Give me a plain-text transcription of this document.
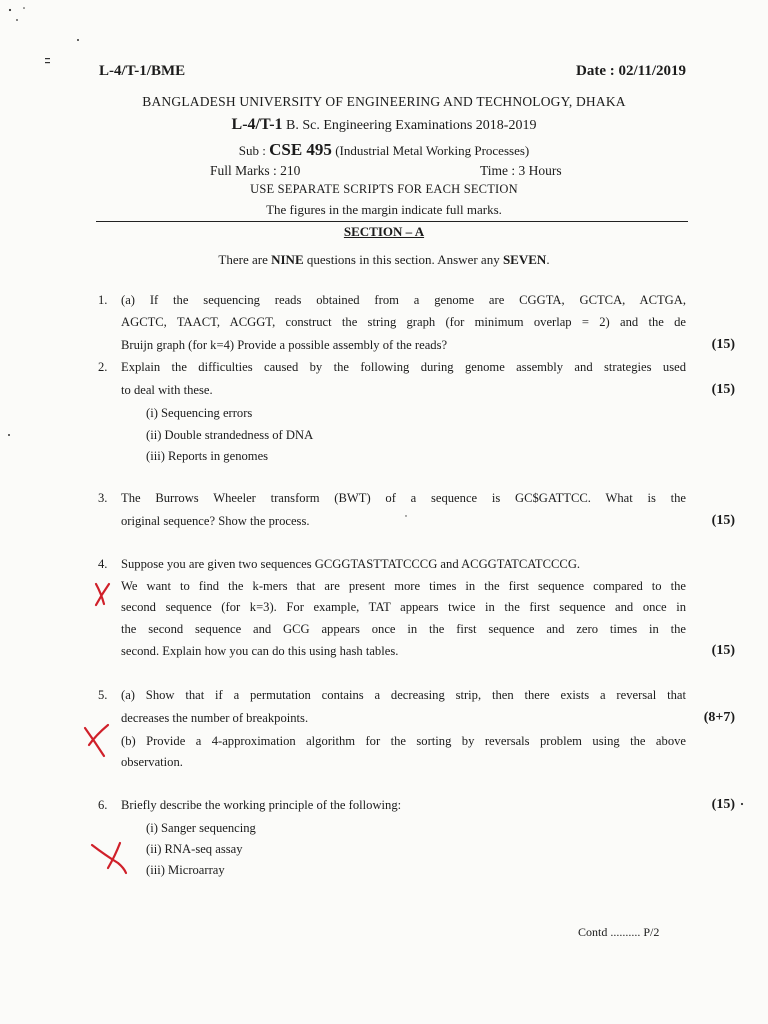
L-4/T-1/BME	Date : 02/11/2019
BANGLADESH UNIVERSITY OF ENGINEERING AND TECHNOLOGY, DHAKA
L-4/T-1 B. Sc. Engineering Examinations 2018-2019
Sub : CSE 495 (Industrial Metal Working Processes)
Full Marks : 210	Time : 3 Hours
USE SEPARATE SCRIPTS FOR EACH SECTION
The figures in the margin indicate full marks.
SECTION – A
There are NINE questions in this section. Answer any SEVEN.
1. (a) If the sequencing reads obtained from a genome are CGGTA, GCTCA, ACTGA,
AGCTC, TAACT, ACGGT, construct the string graph (for minimum overlap = 2) and the de
Bruijn graph (for k=4) Provide a possible assembly of the reads?	(15)
2. Explain the difficulties caused by the following during genome assembly and strategies used
to deal with these.	(15)
(i) Sequencing errors
(ii) Double strandedness of DNA
(iii) Reports in genomes
3. The Burrows Wheeler transform (BWT) of a sequence is GC$GATTCC. What is the
original sequence? Show the process.	(15)
4. Suppose you are given two sequences GCGGTASTTATCCCG and ACGGTATCATCCCG.
We want to find the k-mers that are present more times in the first sequence compared to the
second sequence (for k=3). For example, TAT appears twice in the first sequence and once in
the second sequence and GCG appears once in the first sequence and zero times in the
second. Explain how you can do this using hash tables.	(15)
5. (a) Show that if a permutation contains a decreasing strip, then there exists a reversal that
decreases the number of breakpoints.	(8+7)
(b) Provide a 4-approximation algorithm for the sorting by reversals problem using the above
observation.
6. Briefly describe the working principle of the following:	(15)
(i) Sanger sequencing
(ii) RNA-seq assay
(iii) Microarray
Contd .......... P/2
